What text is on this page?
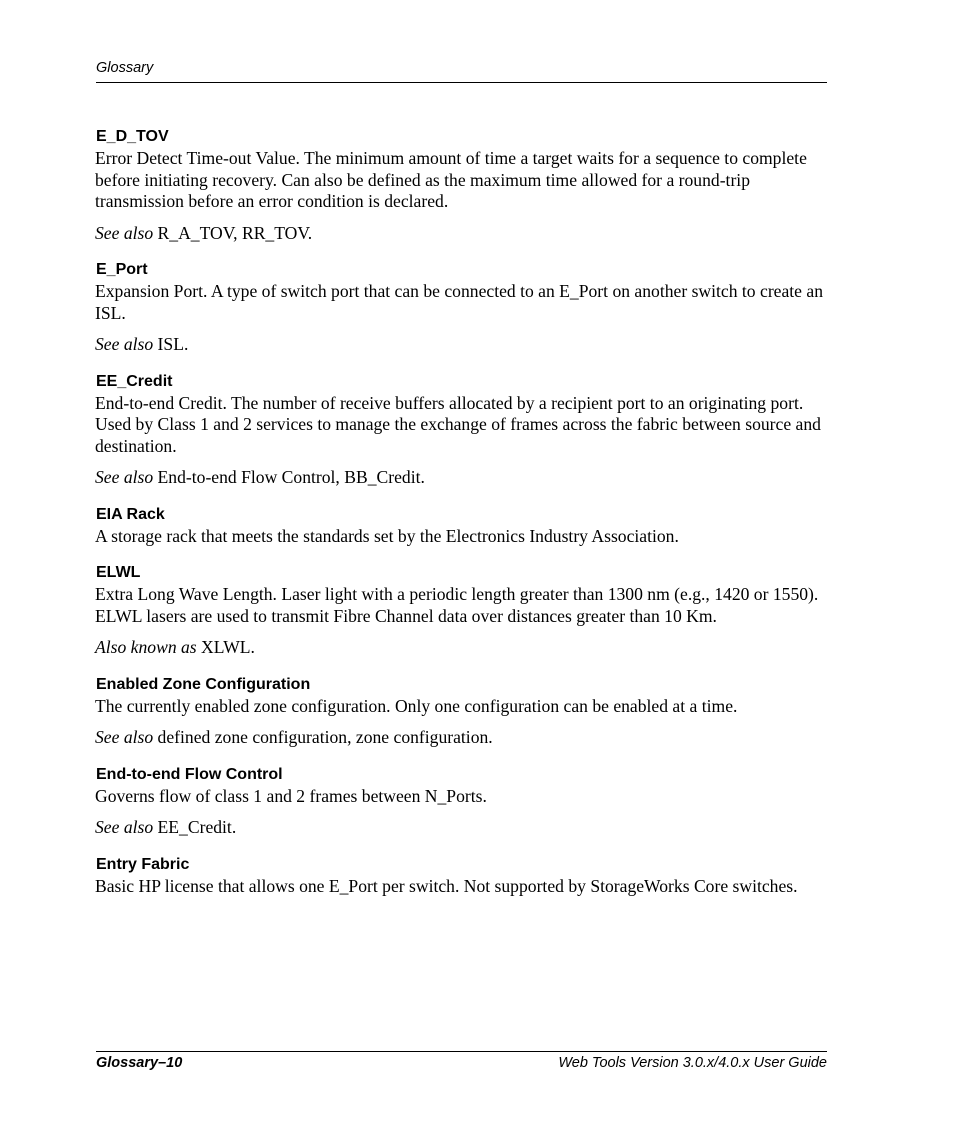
Glossary
E_D_TOV

Error Detect Time-out Value. The minimum amount of time a target waits for a sequence to complete before initiating recovery. Can also be defined as the maximum time allowed for a round-trip transmission before an error condition is declared.

See also R_A_TOV, RR_TOV.

E_Port

Expansion Port. A type of switch port that can be connected to an E_Port on another switch to create an ISL.

See also ISL.

EE_Credit

End-to-end Credit. The number of receive buffers allocated by a recipient port to an originating port. Used by Class 1 and 2 services to manage the exchange of frames across the fabric between source and destination.

See also End-to-end Flow Control, BB_Credit.

EIA Rack

A storage rack that meets the standards set by the Electronics Industry Association.

ELWL

Extra Long Wave Length. Laser light with a periodic length greater than 1300 nm (e.g., 1420 or 1550). ELWL lasers are used to transmit Fibre Channel data over distances greater than 10 Km.

Also known as XLWL.

Enabled Zone Configuration

The currently enabled zone configuration. Only one configuration can be enabled at a time.

See also defined zone configuration, zone configuration.

End-to-end Flow Control

Governs flow of class 1 and 2 frames between N_Ports.

See also EE_Credit.

Entry Fabric

Basic HP license that allows one E_Port per switch. Not supported by StorageWorks Core switches.

Glossary–10	Web Tools Version 3.0.x/4.0.x User Guide
